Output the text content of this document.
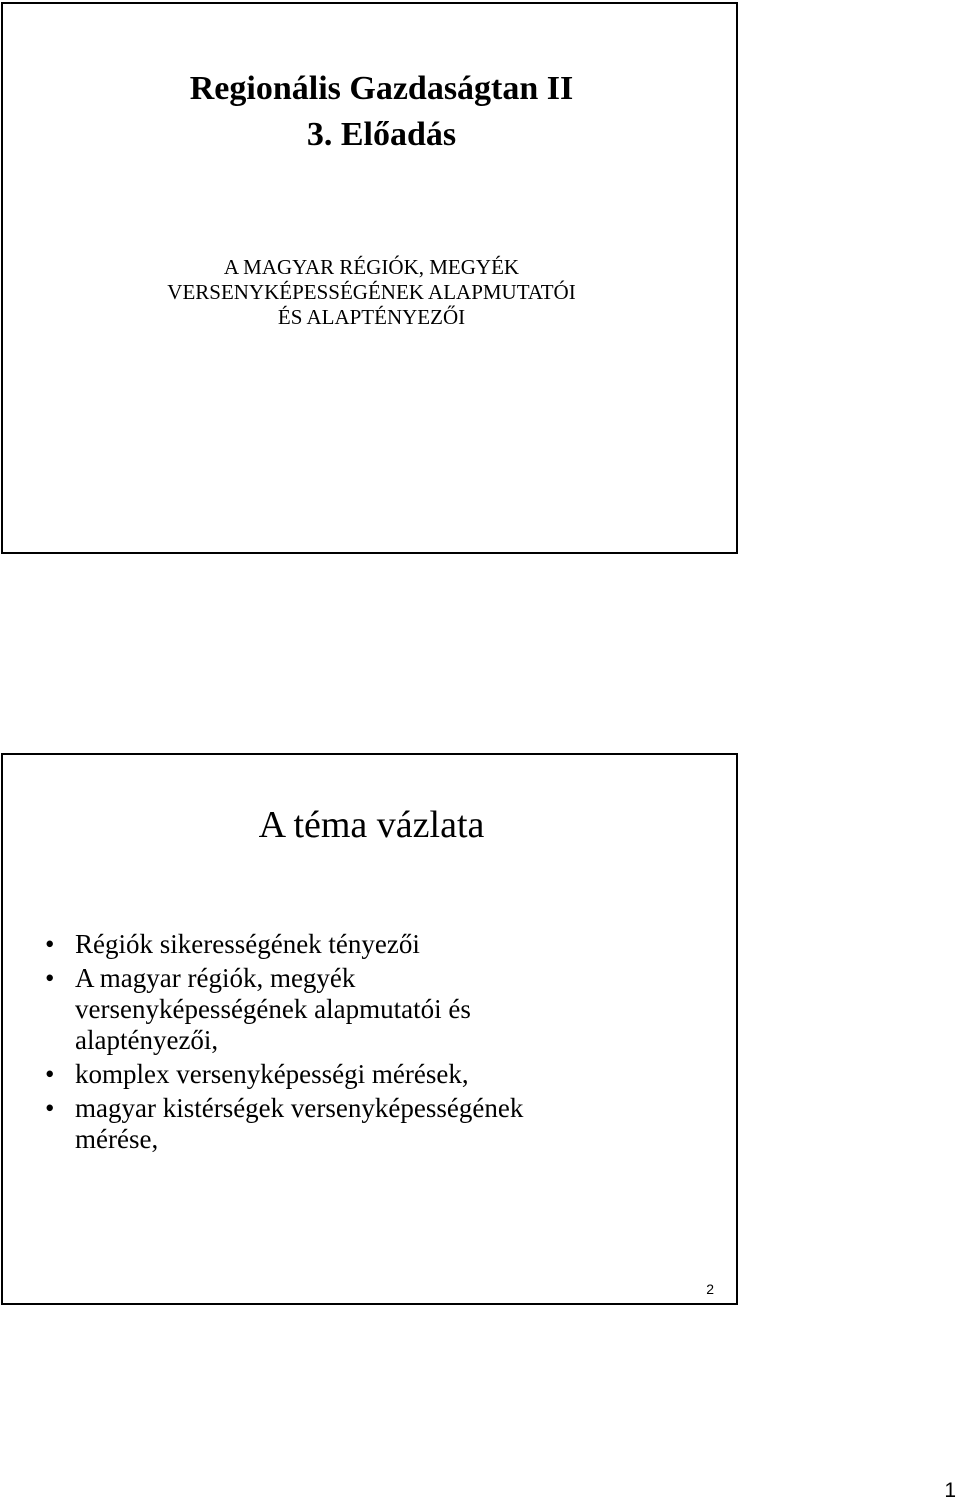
Regionális Gazdaságtan II
3. Előadás
A MAGYAR RÉGIÓK, MEGYÉK
VERSENYKÉPESSÉGÉNEK ALAPMUTATÓI
ÉS ALAPTÉNYEZŐI
A téma vázlata
• Régiók sikerességének tényezői
• A magyar régiók, megyék
versenyképességének alapmutatói és
alaptényezői,
• komplex versenyképességi mérések,
• magyar kistérségek versenyképességének
mérése,
2
1
